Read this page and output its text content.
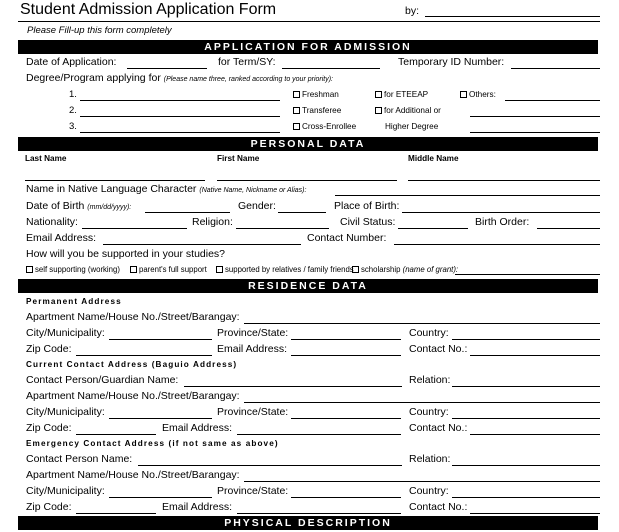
Student Admission Application Form	by:
Please Fill-up this form completely
APPLICATION FOR ADMISSION
Date of Application:	for Term/SY:	Temporary ID Number:
Degree/Program applying for (Please name three, ranked according to your priority):
1.
2.
3.
Freshman
Transferee
Cross-Enrollee
for ETEEAP
for Additional or
Higher Degree
Others:
PERSONAL DATA
Last Name	First Name	Middle Name
Name in Native Language Character (Native Name, Nickname or Alias):
Date of Birth (mm/dd/yyyy):	Gender:	Place of Birth:
Nationality:	Religion:	Civil Status:	Birth Order:
Email Address:	Contact Number:
How will you be supported in your studies?
self supporting (working)	parent's full support	supported by relatives / family friends scholarship (name of grant):
RESIDENCE DATA
Permanent Address
Apartment Name/House No./Street/Barangay:
City/Municipality:	Province/State:	Country:
Zip Code:	Email Address:	Contact No.:
Current Contact Address (Baguio Address)
Contact Person/Guardian Name:	Relation:
Apartment Name/House No./Street/Barangay:
City/Municipality:	Province/State:	Country:
Zip Code:	Email Address:	Contact No.:
Emergency Contact Address (if not same as above)
Contact Person Name:	Relation:
Apartment Name/House No./Street/Barangay:
City/Municipality:	Province/State:	Country:
Zip Code:	Email Address:	Contact No.:
PHYSICAL DESCRIPTION
